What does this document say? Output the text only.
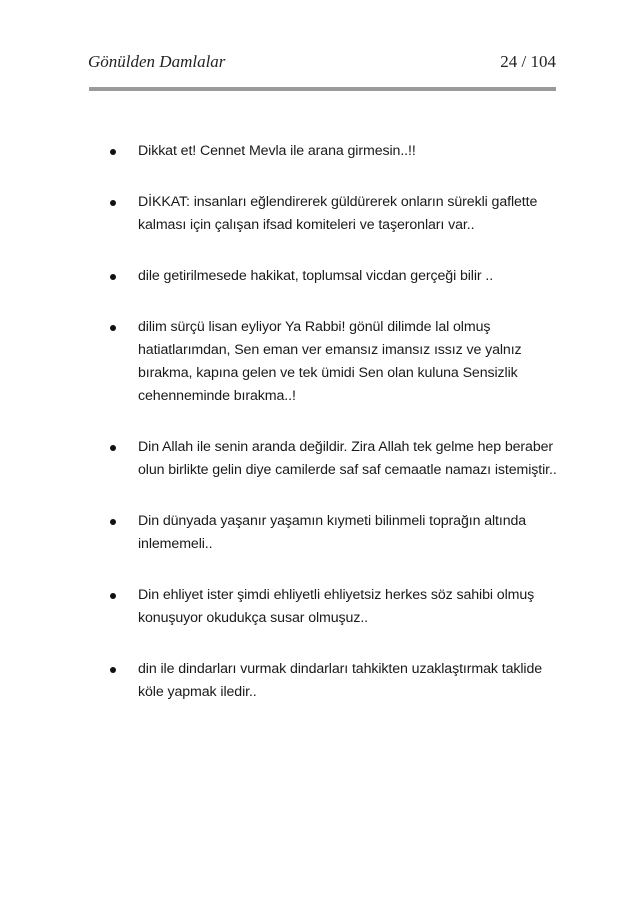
Gönülden Damlalar	24 / 104
Dikkat et! Cennet Mevla ile arana girmesin..!!
DİKKAT: insanları eğlendirerek güldürerek onların sürekli gaflette kalması için çalışan ifsad komiteleri ve taşeronları var..
dile getirilmesede hakikat, toplumsal vicdan gerçeği bilir ..
dilim sürçü lisan eyliyor Ya Rabbi! gönül dilimde lal olmuş hatiatlarımdan, Sen eman ver emansız imansız ıssız ve yalnız bırakma, kapına gelen ve tek ümidi Sen olan kuluna Sensizlik cehenneminde bırakma..!
Din Allah ile senin aranda değildir. Zira Allah tek gelme hep beraber olun birlikte gelin diye camilerde saf saf cemaatle namazı istemiştir..
Din dünyada yaşanır yaşamın kıymeti bilinmeli toprağın altında inlememeli..
Din ehliyet ister şimdi ehliyetli ehliyetsiz herkes söz sahibi olmuş konuşuyor okudukça susar olmuşuz..
din ile dindarları vurmak dindarları tahkikten uzaklaştırmak taklide köle yapmak iledir..
